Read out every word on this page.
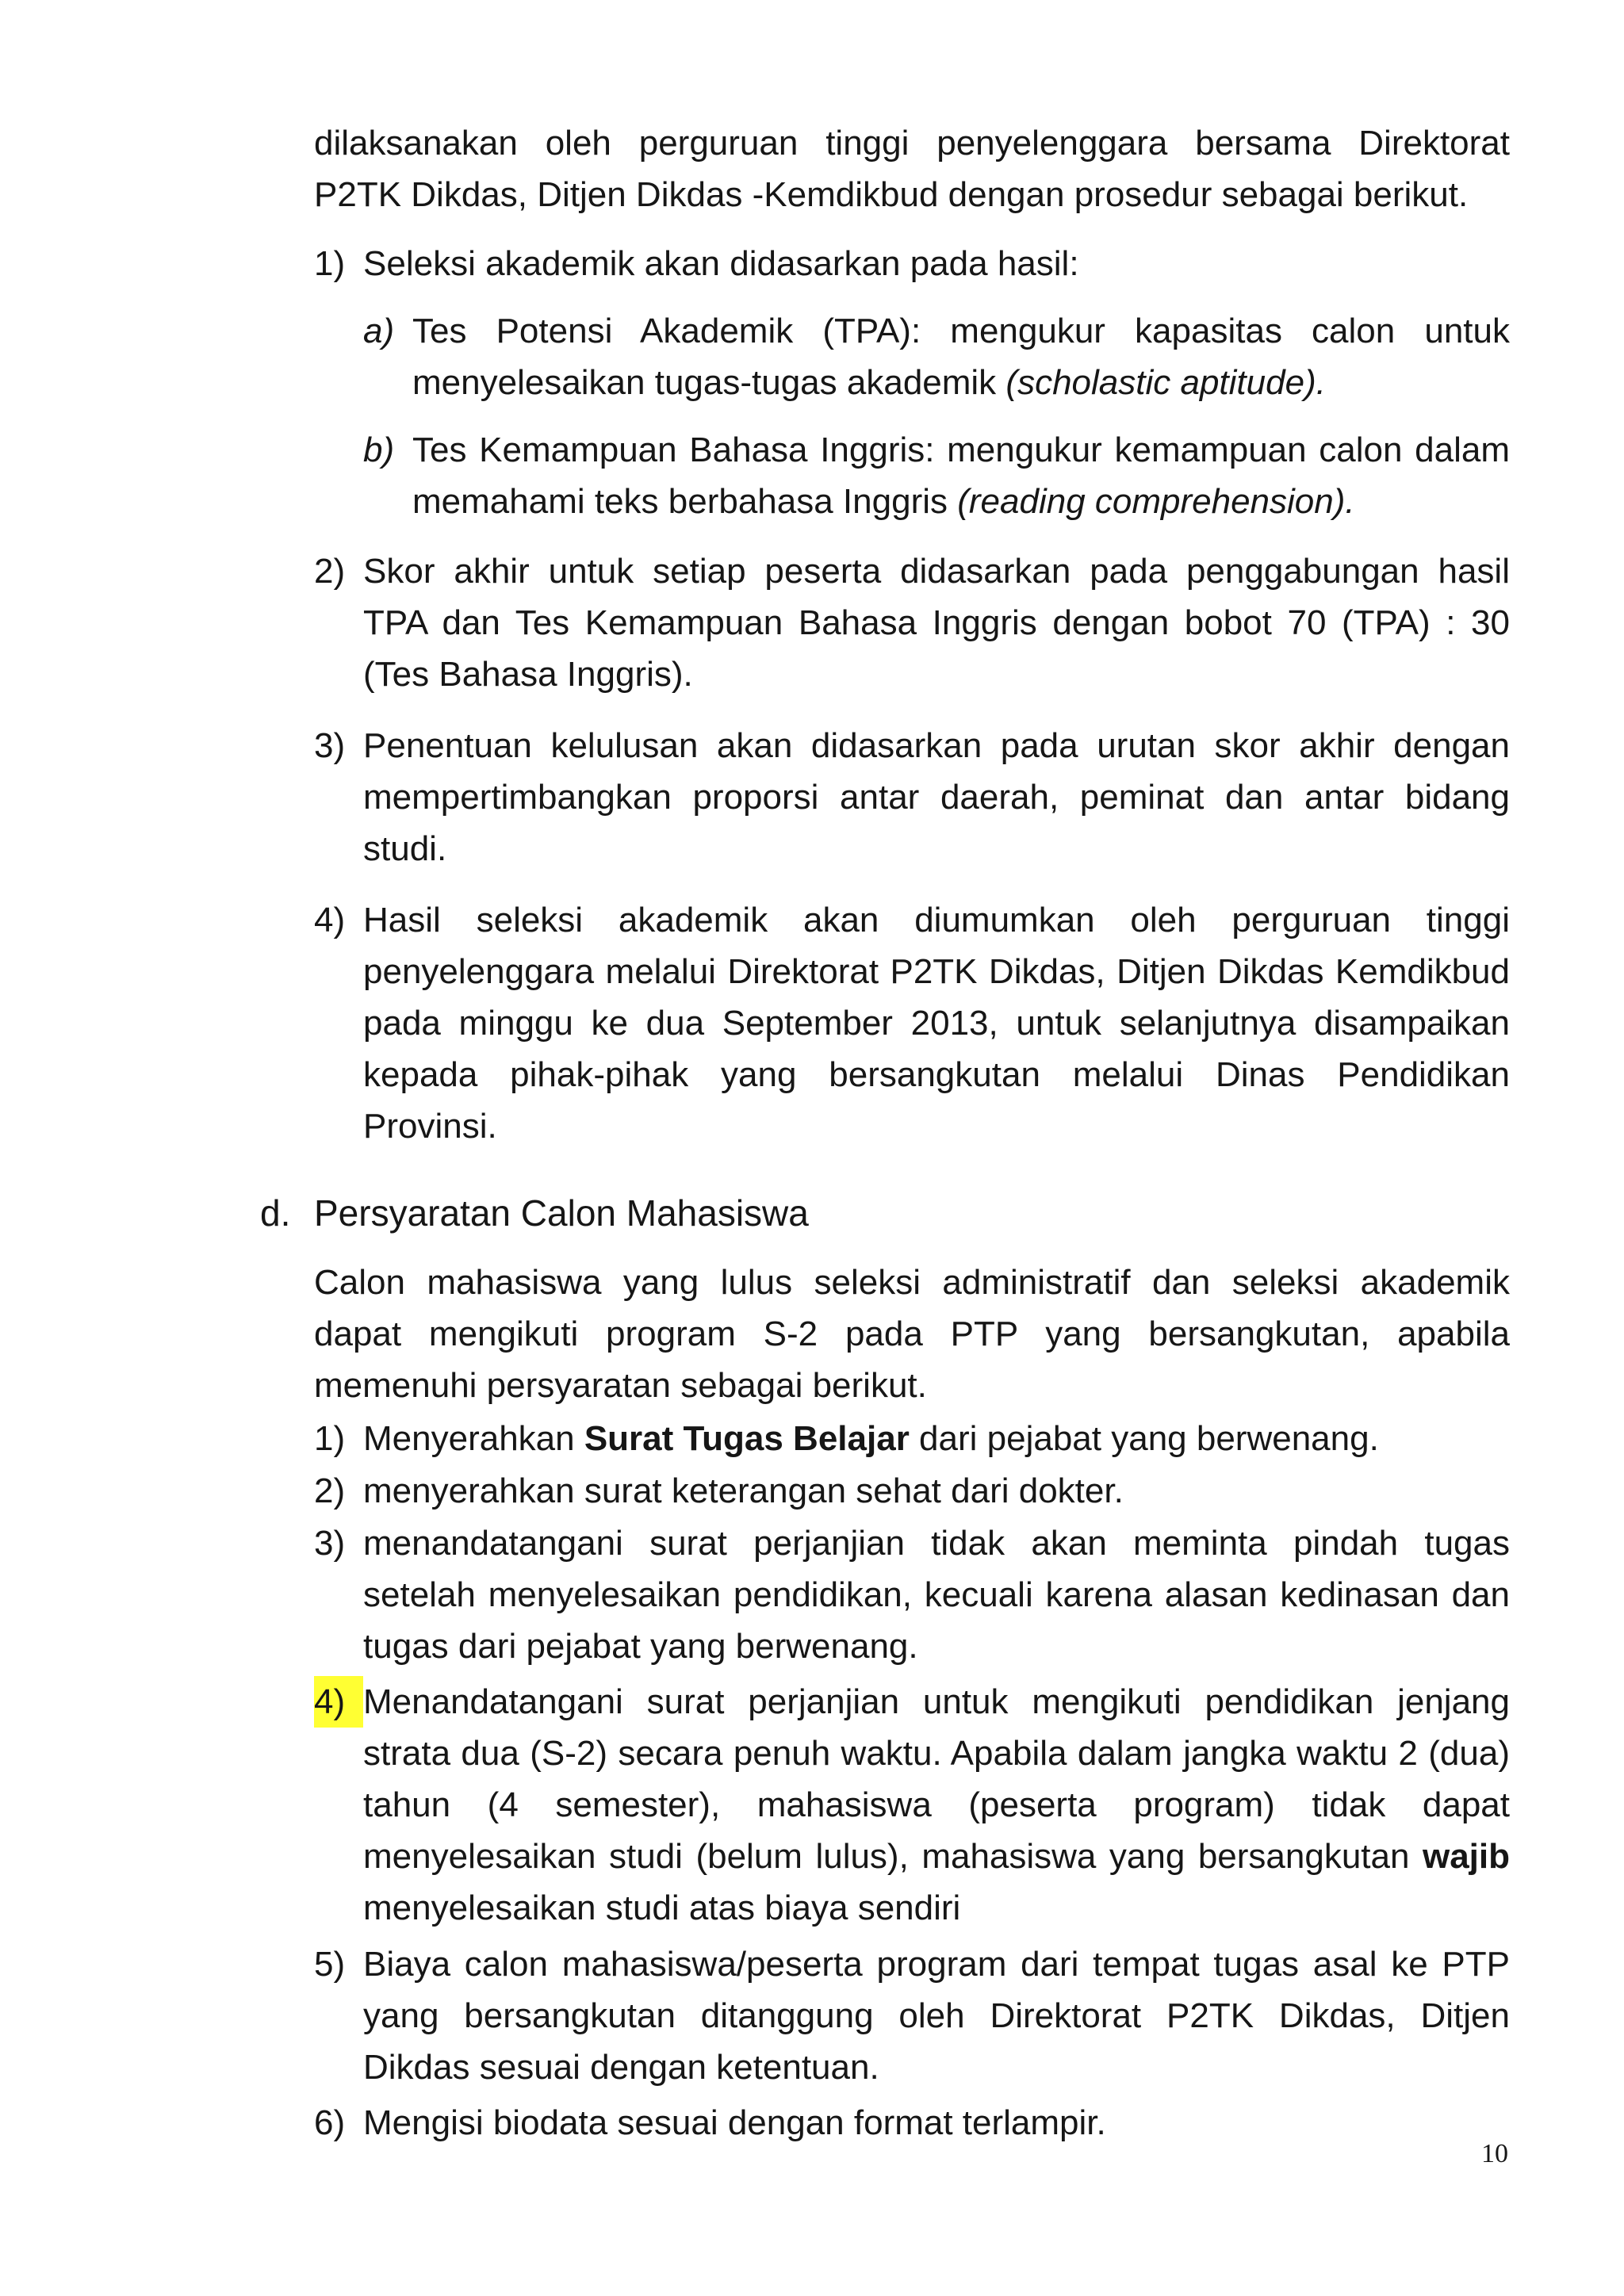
dilaksanakan oleh perguruan tinggi penyelenggara bersama Direktorat
P2TK Dikdas, Ditjen Dikdas -Kemdikbud dengan prosedur sebagai berikut.

1) Seleksi akademik akan didasarkan pada hasil:
a) Tes Potensi Akademik (TPA): mengukur kapasitas calon untuk menyelesaikan tugas-tugas akademik (scholastic aptitude).
b) Tes Kemampuan Bahasa Inggris: mengukur kemampuan calon dalam memahami teks berbahasa Inggris (reading comprehension).
2) Skor akhir untuk setiap peserta didasarkan pada penggabungan hasil TPA dan Tes Kemampuan Bahasa Inggris dengan bobot 70 (TPA) : 30 (Tes Bahasa Inggris).
3) Penentuan kelulusan akan didasarkan pada urutan skor akhir dengan mempertimbangkan proporsi antar daerah, peminat dan antar bidang studi.
4) Hasil seleksi akademik akan diumumkan oleh perguruan tinggi penyelenggara melalui Direktorat P2TK Dikdas, Ditjen Dikdas Kemdikbud pada minggu ke dua September 2013, untuk selanjutnya disampaikan kepada pihak-pihak yang bersangkutan melalui Dinas Pendidikan Provinsi.
d. Persyaratan Calon Mahasiswa

Calon mahasiswa yang lulus seleksi administratif dan seleksi akademik dapat mengikuti program S-2 pada PTP yang bersangkutan, apabila memenuhi persyaratan sebagai berikut.

1) Menyerahkan Surat Tugas Belajar dari pejabat yang berwenang.
2) menyerahkan surat keterangan sehat dari dokter.
3) menandatangani surat perjanjian tidak akan meminta pindah tugas setelah menyelesaikan pendidikan, kecuali karena alasan kedinasan dan tugas dari pejabat yang berwenang.
4) Menandatangani surat perjanjian untuk mengikuti pendidikan jenjang strata dua (S-2) secara penuh waktu. Apabila dalam jangka waktu 2 (dua) tahun (4 semester), mahasiswa (peserta program) tidak dapat menyelesaikan studi (belum lulus), mahasiswa yang bersangkutan wajib menyelesaikan studi atas biaya sendiri
5) Biaya calon mahasiswa/peserta program dari tempat tugas asal ke PTP yang bersangkutan ditanggung oleh Direktorat P2TK Dikdas, Ditjen Dikdas sesuai dengan ketentuan.
6) Mengisi biodata sesuai dengan format terlampir.
10
